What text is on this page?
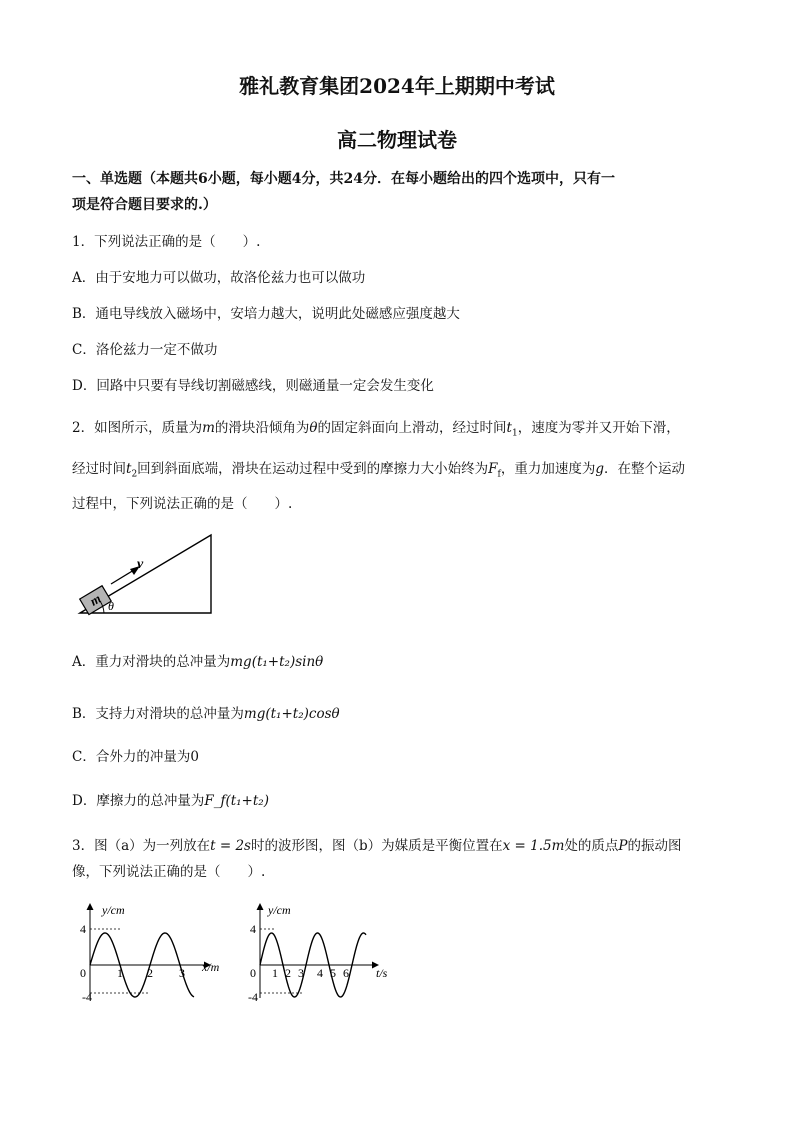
雅礼教育集团2024年上期期中考试
高二物理试卷
一、单选题（本题共6小题，每小题4分，共24分．在每小题给出的四个选项中，只有一
项是符合题目要求的.）
1．下列说法正确的是（　　）.
A．由于安地力可以做功，故洛伦兹力也可以做功
B．通电导线放入磁场中，安培力越大，说明此处磁感应强度越大
C．洛伦兹力一定不做功
D．回路中只要有导线切割磁感线，则磁通量一定会发生变化
2．如图所示，质量为m的滑块沿倾角为θ的固定斜面向上滑动，经过时间$t_1$，速度为零并又开始下滑，
经过时间$t_2$回到斜面底端，滑块在运动过程中受到的摩擦力大小始终为$F_f$，重力加速度为g．在整个运动
过程中，下列说法正确的是（　　）.
m
v
θ
A．重力对滑块的总冲量为mg(t₁+t₂)sinθ
B．支持力对滑块的总冲量为mg(t₁+t₂)cosθ
C．合外力的冲量为0
D．摩擦力的总冲量为F_f(t₁+t₂)
3．图（a）为一列放在t = 2s时的波形图，图（b）为媒质是平衡位置在x = 1.5m处的质点P的振动图
像，下列说法正确的是（　　）.
y/cm
x/m
4
-4
0	1 2 3
y/cm
t/s
4
-4
0 1 2 3 4 5 6
